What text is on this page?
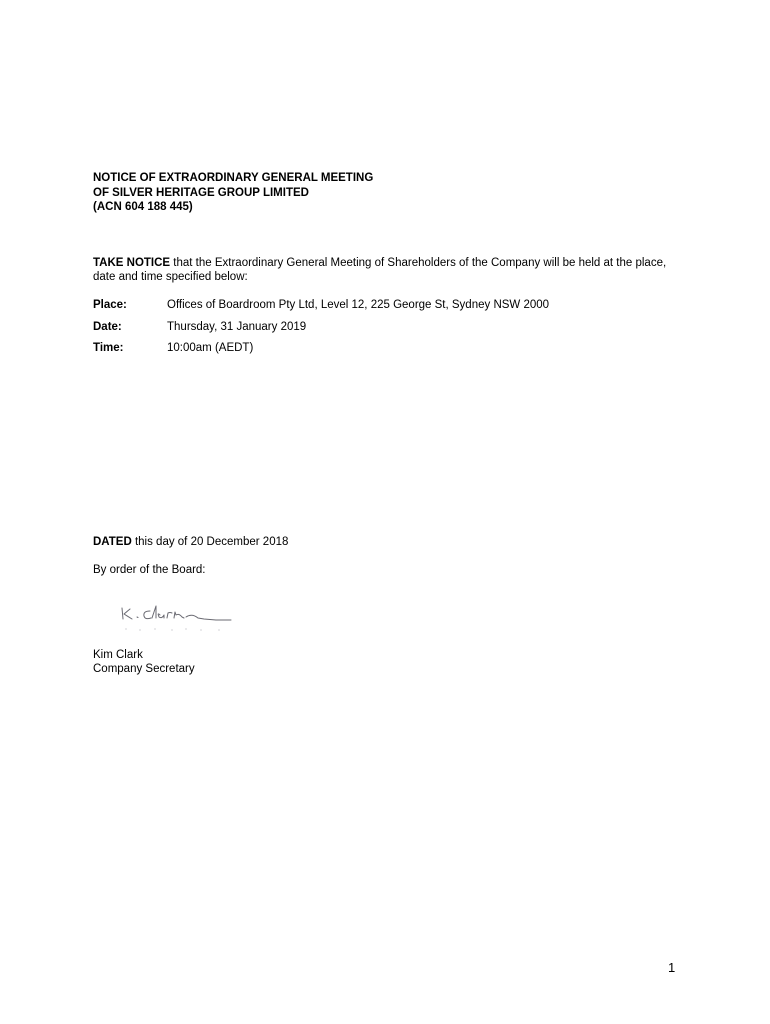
NOTICE OF EXTRAORDINARY GENERAL MEETING
OF SILVER HERITAGE GROUP LIMITED
(ACN 604 188 445)
TAKE NOTICE that the Extraordinary General Meeting of Shareholders of the Company will be held at the place, date and time specified below:
Place:	Offices of Boardroom Pty Ltd, Level 12, 225 George St, Sydney NSW 2000
Date:	Thursday, 31 January 2019
Time:	10:00am (AEDT)
DATED this day of 20 December 2018
By order of the Board:
Kim Clark
Company Secretary
1
